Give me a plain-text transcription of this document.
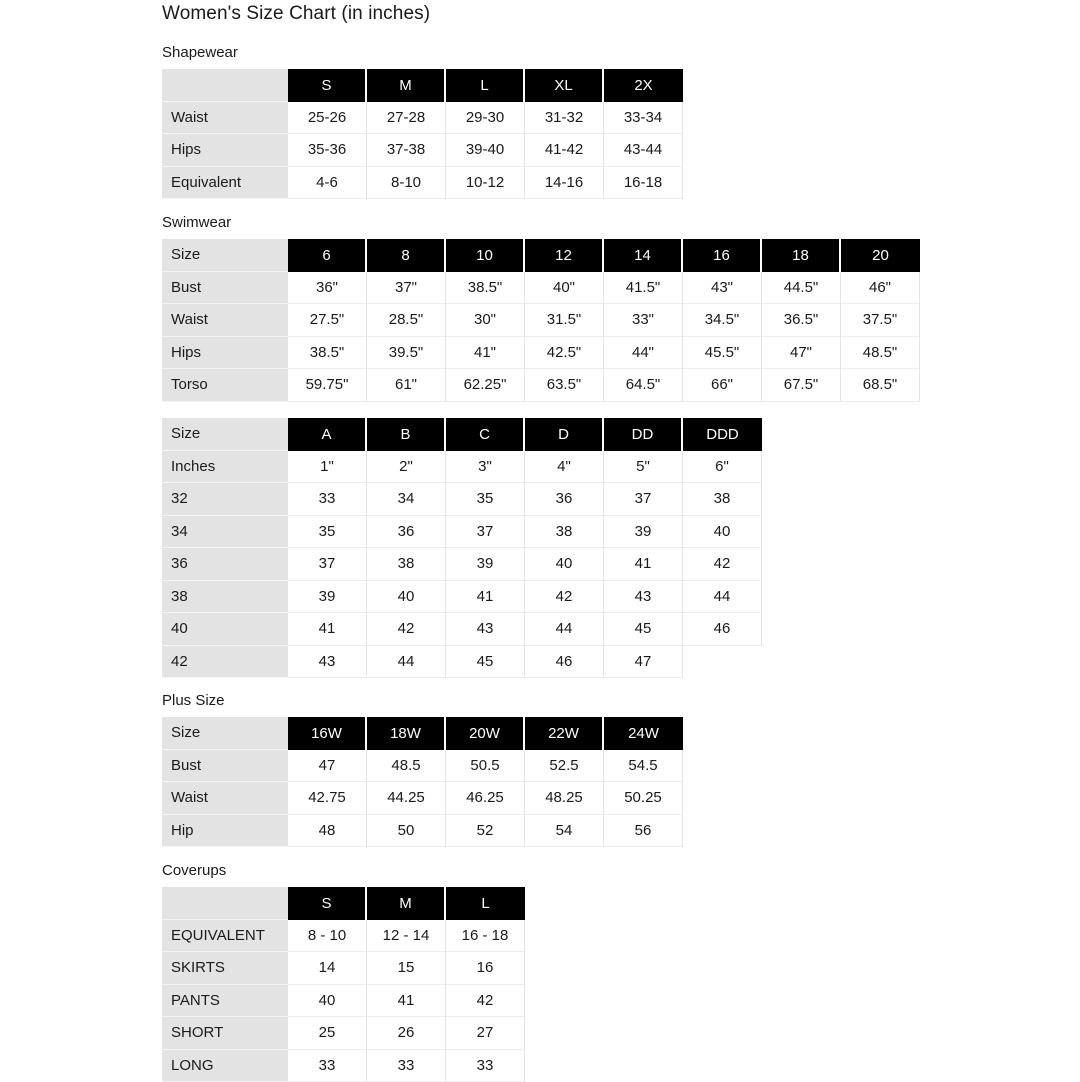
Women's Size Chart (in inches)
Shapewear
	S	M	L	XL	2X
Waist	25-26	27-28	29-30	31-32	33-34
Hips	35-36	37-38	39-40	41-42	43-44
Equivalent	4-6	8-10	10-12	14-16	16-18
Swimwear
Size	6	8	10	12	14	16	18	20
Bust	36"	37"	38.5"	40"	41.5"	43"	44.5"	46"
Waist	27.5"	28.5"	30"	31.5"	33"	34.5"	36.5"	37.5"
Hips	38.5"	39.5"	41"	42.5"	44"	45.5"	47"	48.5"
Torso	59.75"	61"	62.25"	63.5"	64.5"	66"	67.5"	68.5"
Size	A	B	C	D	DD	DDD
Inches	1"	2"	3"	4"	5"	6"
32	33	34	35	36	37	38
34	35	36	37	38	39	40
36	37	38	39	40	41	42
38	39	40	41	42	43	44
40	41	42	43	44	45	46
42	43	44	45	46	47	
Plus Size
Size	16W	18W	20W	22W	24W
Bust	47	48.5	50.5	52.5	54.5
Waist	42.75	44.25	46.25	48.25	50.25
Hip	48	50	52	54	56
Coverups
	S	M	L
EQUIVALENT	8 - 10	12 - 14	16 - 18
SKIRTS	14	15	16
PANTS	40	41	42
SHORT	25	26	27
LONG	33	33	33
